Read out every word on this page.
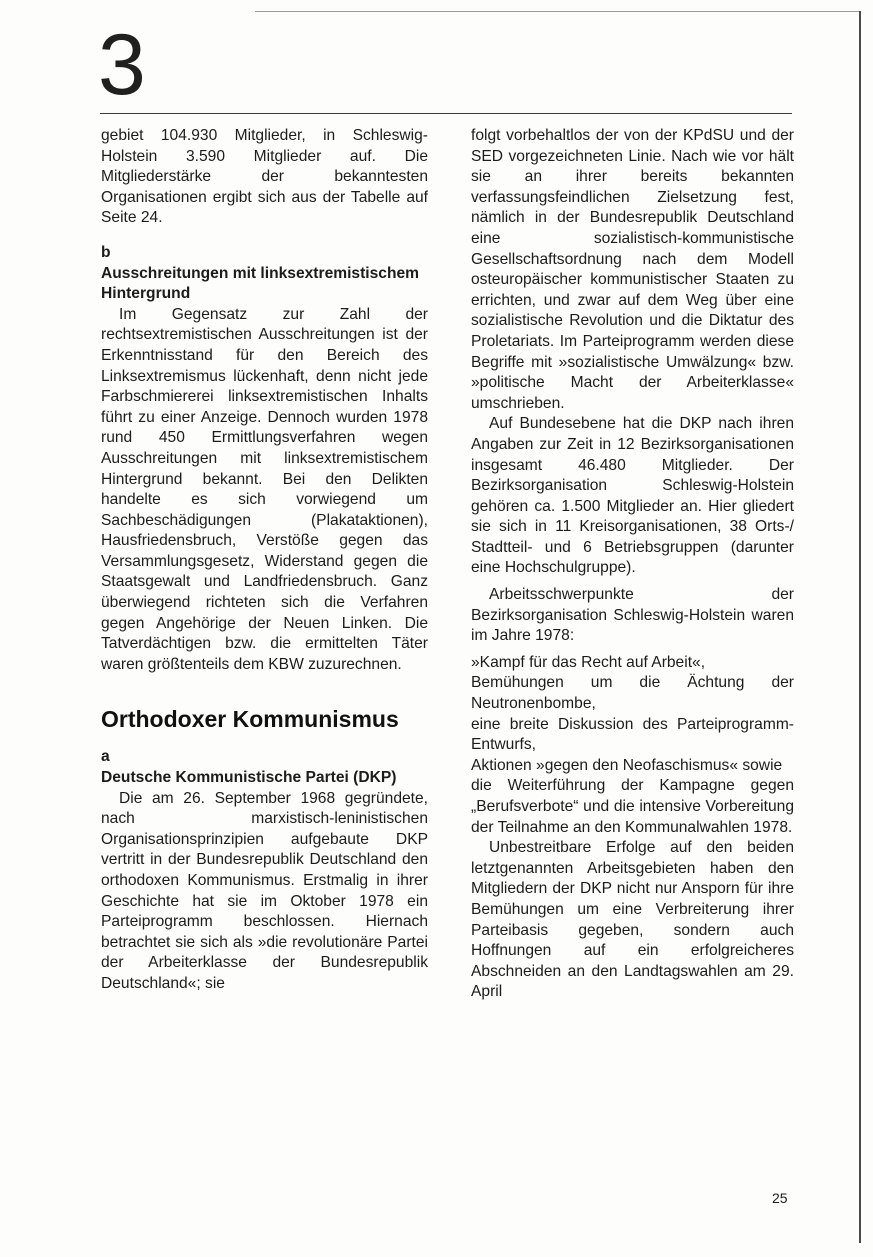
3

gebiet 104.930 Mitglieder, in Schleswig-Holstein 3.590 Mitglieder auf. Die Mitgliederstärke der bekanntesten Organisationen ergibt sich aus der Tabelle auf Seite 24.

b
Ausschreitungen mit linksextremistischem Hintergrund

Im Gegensatz zur Zahl der rechtsextremistischen Ausschreitungen ist der Erkenntnisstand für den Bereich des Linksextremismus lückenhaft, denn nicht jede Farbschmiererei linksextremistischen Inhalts führt zu einer Anzeige. Dennoch wurden 1978 rund 450 Ermittlungsverfahren wegen Ausschreitungen mit linksextremistischem Hintergrund bekannt. Bei den Delikten handelte es sich vorwiegend um Sachbeschädigungen (Plakataktionen), Hausfriedensbruch, Verstöße gegen das Versammlungsgesetz, Widerstand gegen die Staatsgewalt und Landfriedensbruch. Ganz überwiegend richteten sich die Verfahren gegen Angehörige der Neuen Linken. Die Tatverdächtigen bzw. die ermittelten Täter waren größtenteils dem KBW zuzurechnen.

Orthodoxer Kommunismus
a
Deutsche Kommunistische Partei (DKP)

Die am 26. September 1968 gegründete, nach marxistisch-leninistischen Organisationsprinzipien aufgebaute DKP vertritt in der Bundesrepublik Deutschland den orthodoxen Kommunismus. Erstmalig in ihrer Geschichte hat sie im Oktober 1978 ein Parteiprogramm beschlossen. Hiernach betrachtet sie sich als »die revolutionäre Partei der Arbeiterklasse der Bundesrepublik Deutschland«; sie

folgt vorbehaltlos der von der KPdSU und der SED vorgezeichneten Linie. Nach wie vor hält sie an ihrer bereits bekannten verfassungsfeindlichen Zielsetzung fest, nämlich in der Bundesrepublik Deutschland eine sozialistisch-kommunistische Gesellschaftsordnung nach dem Modell osteuropäischer kommunistischer Staaten zu errichten, und zwar auf dem Weg über eine sozialistische Revolution und die Diktatur des Proletariats. Im Parteiprogramm werden diese Begriffe mit »sozialistische Umwälzung« bzw. »politische Macht der Arbeiterklasse« umschrieben.

Auf Bundesebene hat die DKP nach ihren Angaben zur Zeit in 12 Bezirksorganisationen insgesamt 46.480 Mitglieder. Der Bezirksorganisation Schleswig-Holstein gehören ca. 1.500 Mitglieder an. Hier gliedert sie sich in 11 Kreisorganisationen, 38 Orts-/ Stadtteil- und 6 Betriebsgruppen (darunter eine Hochschulgruppe).

Arbeitsschwerpunkte der Bezirksorganisation Schleswig-Holstein waren im Jahre 1978:

»Kampf für das Recht auf Arbeit«,

Bemühungen um die Ächtung der Neutronenbombe,

eine breite Diskussion des Parteiprogramm-Entwurfs,

Aktionen »gegen den Neofaschismus« sowie

die Weiterführung der Kampagne gegen „Berufsverbote“ und die intensive Vorbereitung der Teilnahme an den Kommunalwahlen 1978.

Unbestreitbare Erfolge auf den beiden letztgenannten Arbeitsgebieten haben den Mitgliedern der DKP nicht nur Ansporn für ihre Bemühungen um eine Verbreiterung ihrer Parteibasis gegeben, sondern auch Hoffnungen auf ein erfolgreicheres Abschneiden an den Landtagswahlen am 29. April

25
